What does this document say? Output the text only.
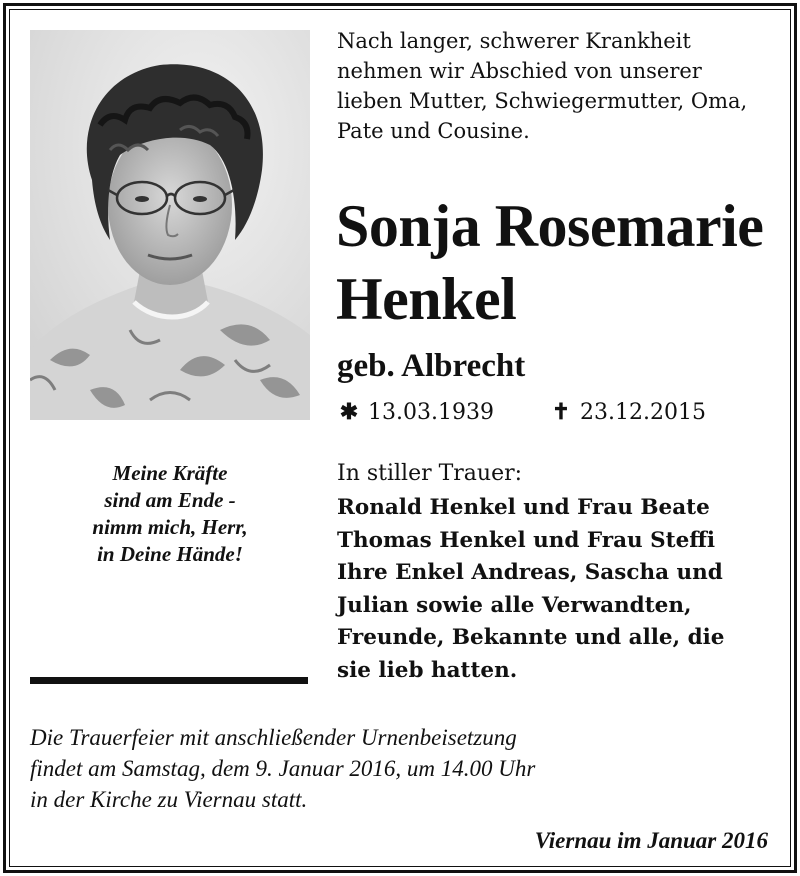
Nach langer, schwerer Krankheit
nehmen wir Abschied von unserer
lieben Mutter, Schwiegermutter, Oma,
Pate und Cousine.
Sonja Rosemarie
Henkel
geb. Albrecht
✱ 13.03.1939	✝ 23.12.2015
Meine Kräfte
sind am Ende -
nimm mich, Herr,
in Deine Hände!
In stiller Trauer:
Ronald Henkel und Frau Beate
Thomas Henkel und Frau Steffi
Ihre Enkel Andreas, Sascha und
Julian sowie alle Verwandten,
Freunde, Bekannte und alle, die
sie lieb hatten.
Die Trauerfeier mit anschließender Urnenbeisetzung
findet am Samstag, dem 9. Januar 2016, um 14.00 Uhr
in der Kirche zu Viernau statt.
Viernau im Januar 2016
